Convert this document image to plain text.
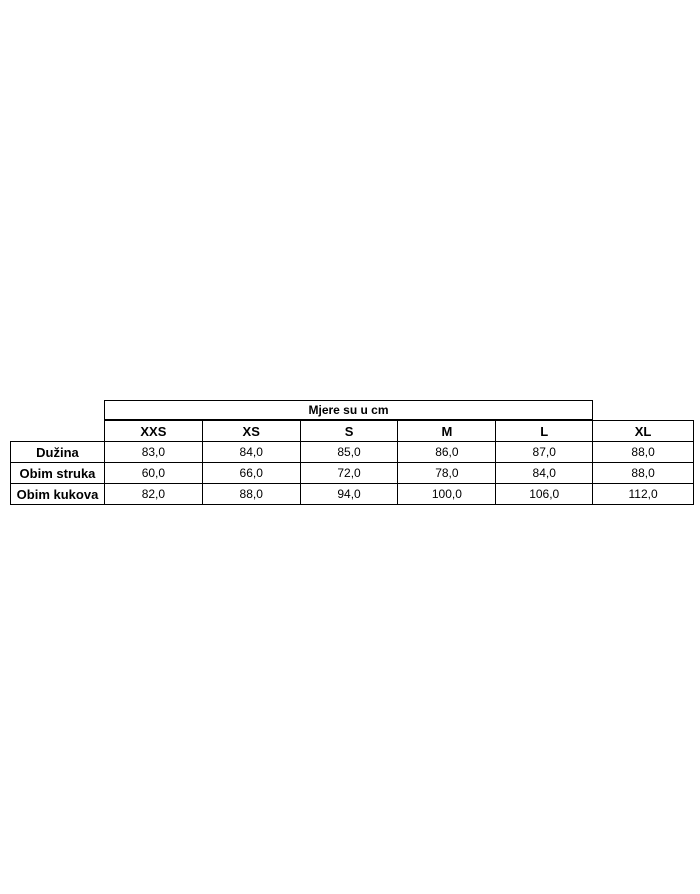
Mjere su u cm
	XXS	XS	S	M	L	XL
Dužina	83,0	84,0	85,0	86,0	87,0	88,0
Obim struka	60,0	66,0	72,0	78,0	84,0	88,0
Obim kukova	82,0	88,0	94,0	100,0	106,0	112,0
